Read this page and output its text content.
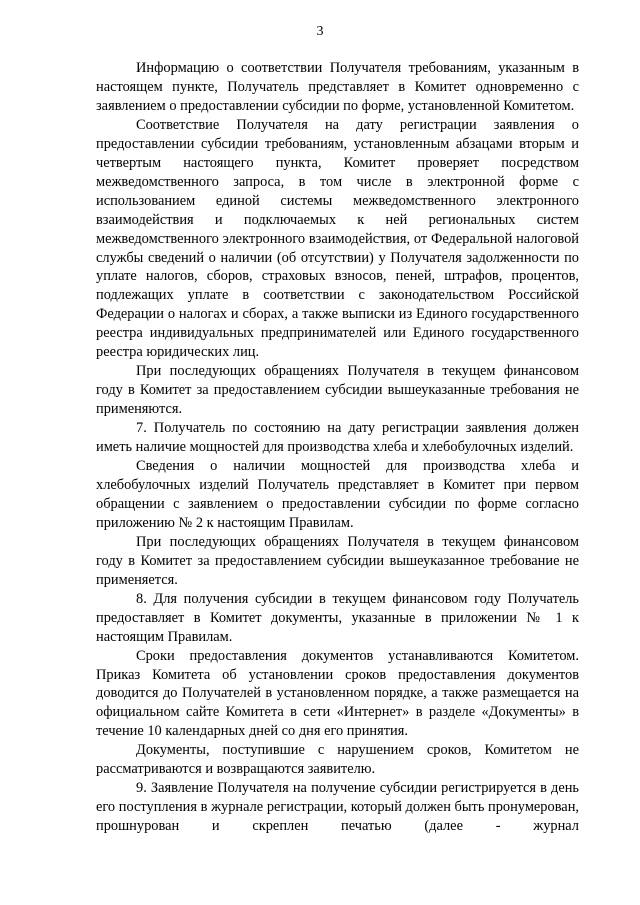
3

Информацию о соответствии Получателя требованиям, указанным в настоящем пункте, Получатель представляет в Комитет одновременно с заявлением о предоставлении субсидии по форме, установленной Комитетом.

Соответствие Получателя на дату регистрации заявления о предоставлении субсидии требованиям, установленным абзацами вторым и четвертым настоящего пункта, Комитет проверяет посредством межведомственного запроса, в том числе в электронной форме с использованием единой системы межведомственного электронного взаимодействия и подключаемых к ней региональных систем межведомственного электронного взаимодействия, от Федеральной налоговой службы сведений о наличии (об отсутствии) у Получателя задолженности по уплате налогов, сборов, страховых взносов, пеней, штрафов, процентов, подлежащих уплате в соответствии с законодательством Российской Федерации о налогах и сборах, а также выписки из Единого государственного реестра индивидуальных предпринимателей или Единого государственного реестра юридических лиц.

При последующих обращениях Получателя в текущем финансовом году в Комитет за предоставлением субсидии вышеуказанные требования не применяются.

7. Получатель по состоянию на дату регистрации заявления должен иметь наличие мощностей для производства хлеба и хлебобулочных изделий.

Сведения о наличии мощностей для производства хлеба и хлебобулочных изделий Получатель представляет в Комитет при первом обращении с заявлением о предоставлении субсидии по форме согласно приложению № 2 к настоящим Правилам.

При последующих обращениях Получателя в текущем финансовом году в Комитет за предоставлением субсидии вышеуказанное требование не применяется.

8. Для получения субсидии в текущем финансовом году Получатель предоставляет в Комитет документы, указанные в приложении № 1 к настоящим Правилам.

Сроки предоставления документов устанавливаются Комитетом. Приказ Комитета об установлении сроков предоставления документов доводится до Получателей в установленном порядке, а также размещается на официальном сайте Комитета в сети «Интернет» в разделе «Документы» в течение 10 календарных дней со дня его принятия.

Документы, поступившие с нарушением сроков, Комитетом не рассматриваются и возвращаются заявителю.

9. Заявление Получателя на получение субсидии регистрируется в день его поступления в журнале регистрации, который должен быть пронумерован, прошнурован и скреплен печатью (далее - журнал
